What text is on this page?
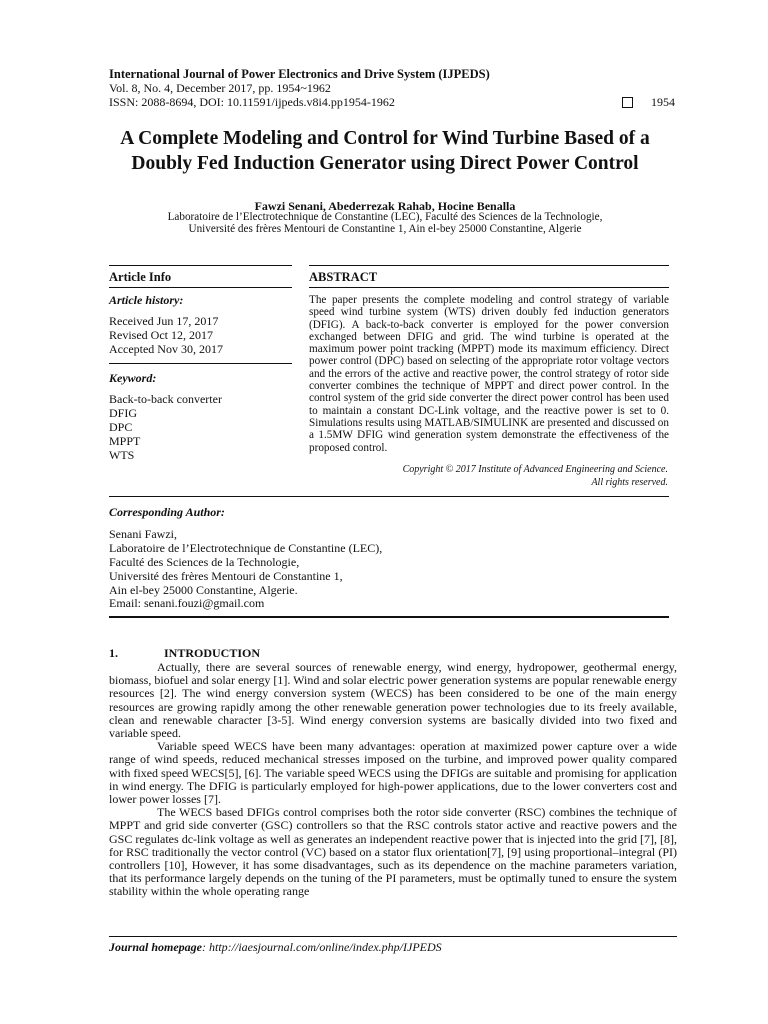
International Journal of Power Electronics and Drive System (IJPEDS)
Vol. 8, No. 4, December 2017, pp. 1954~1962
ISSN: 2088-8694, DOI: 10.11591/ijpeds.v8i4.pp1954-1962	1954
A Complete Modeling and Control for Wind Turbine Based of a
Doubly Fed Induction Generator using Direct Power Control
Fawzi Senani, Abederrezak Rahab, Hocine Benalla
Laboratoire de l’Electrotechnique de Constantine (LEC), Faculté des Sciences de la Technologie,
Université des frères Mentouri de Constantine 1, Ain el-bey 25000 Constantine, Algerie
Article Info	ABSTRACT
Article history:
Received Jun 17, 2017
Revised Oct 12, 2017
Accepted Nov 30, 2017
Keyword:
Back-to-back converter
DFIG
DPC
MPPT
WTS
The paper presents the complete modeling and control strategy of variable speed wind turbine system (WTS) driven doubly fed induction generators (DFIG). A back-to-back converter is employed for the power conversion exchanged between DFIG and grid. The wind turbine is operated at the maximum power point tracking (MPPT) mode its maximum efficiency. Direct power control (DPC) based on selecting of the appropriate rotor voltage vectors and the errors of the active and reactive power, the control strategy of rotor side converter combines the technique of MPPT and direct power control. In the control system of the grid side converter the direct power control has been used to maintain a constant DC-Link voltage, and the reactive power is set to 0. Simulations results using MATLAB/SIMULINK are presented and discussed on a 1.5MW DFIG wind generation system demonstrate the effectiveness of the proposed control.
Copyright © 2017 Institute of Advanced Engineering and Science.
All rights reserved.
Corresponding Author:
Senani Fawzi,
Laboratoire de l’Electrotechnique de Constantine (LEC),
Faculté des Sciences de la Technologie,
Université des frères Mentouri de Constantine 1,
Ain el-bey 25000 Constantine, Algerie.
Email: senani.fouzi@gmail.com
1.	INTRODUCTION

Actually, there are several sources of renewable energy, wind energy, hydropower, geothermal energy, biomass, biofuel and solar energy [1]. Wind and solar electric power generation systems are popular renewable energy resources [2]. The wind energy conversion system (WECS) has been considered to be one of the main energy resources are growing rapidly among the other renewable generation power technologies due to its freely available, clean and renewable character [3-5]. Wind energy conversion systems are basically divided into two fixed and variable speed.

Variable speed WECS have been many advantages: operation at maximized power capture over a wide range of wind speeds, reduced mechanical stresses imposed on the turbine, and improved power quality compared with fixed speed WECS[5], [6]. The variable speed WECS using the DFIGs are suitable and promising for application in wind energy. The DFIG is particularly employed for high-power applications, due to the lower converters cost and lower power losses [7].

The WECS based DFIGs control comprises both the rotor side converter (RSC) combines the technique of MPPT and grid side converter (GSC) controllers so that the RSC controls stator active and reactive powers and the GSC regulates dc-link voltage as well as generates an independent reactive power that is injected into the grid [7], [8], for RSC traditionally the vector control (VC) based on a stator flux orientation[7], [9] using proportional–integral (PI) controllers [10], However, it has some disadvantages, such as its dependence on the machine parameters variation, that its performance largely depends on the tuning of the PI parameters, must be optimally tuned to ensure the system stability within the whole operating range

Journal homepage: http://iaesjournal.com/online/index.php/IJPEDS
